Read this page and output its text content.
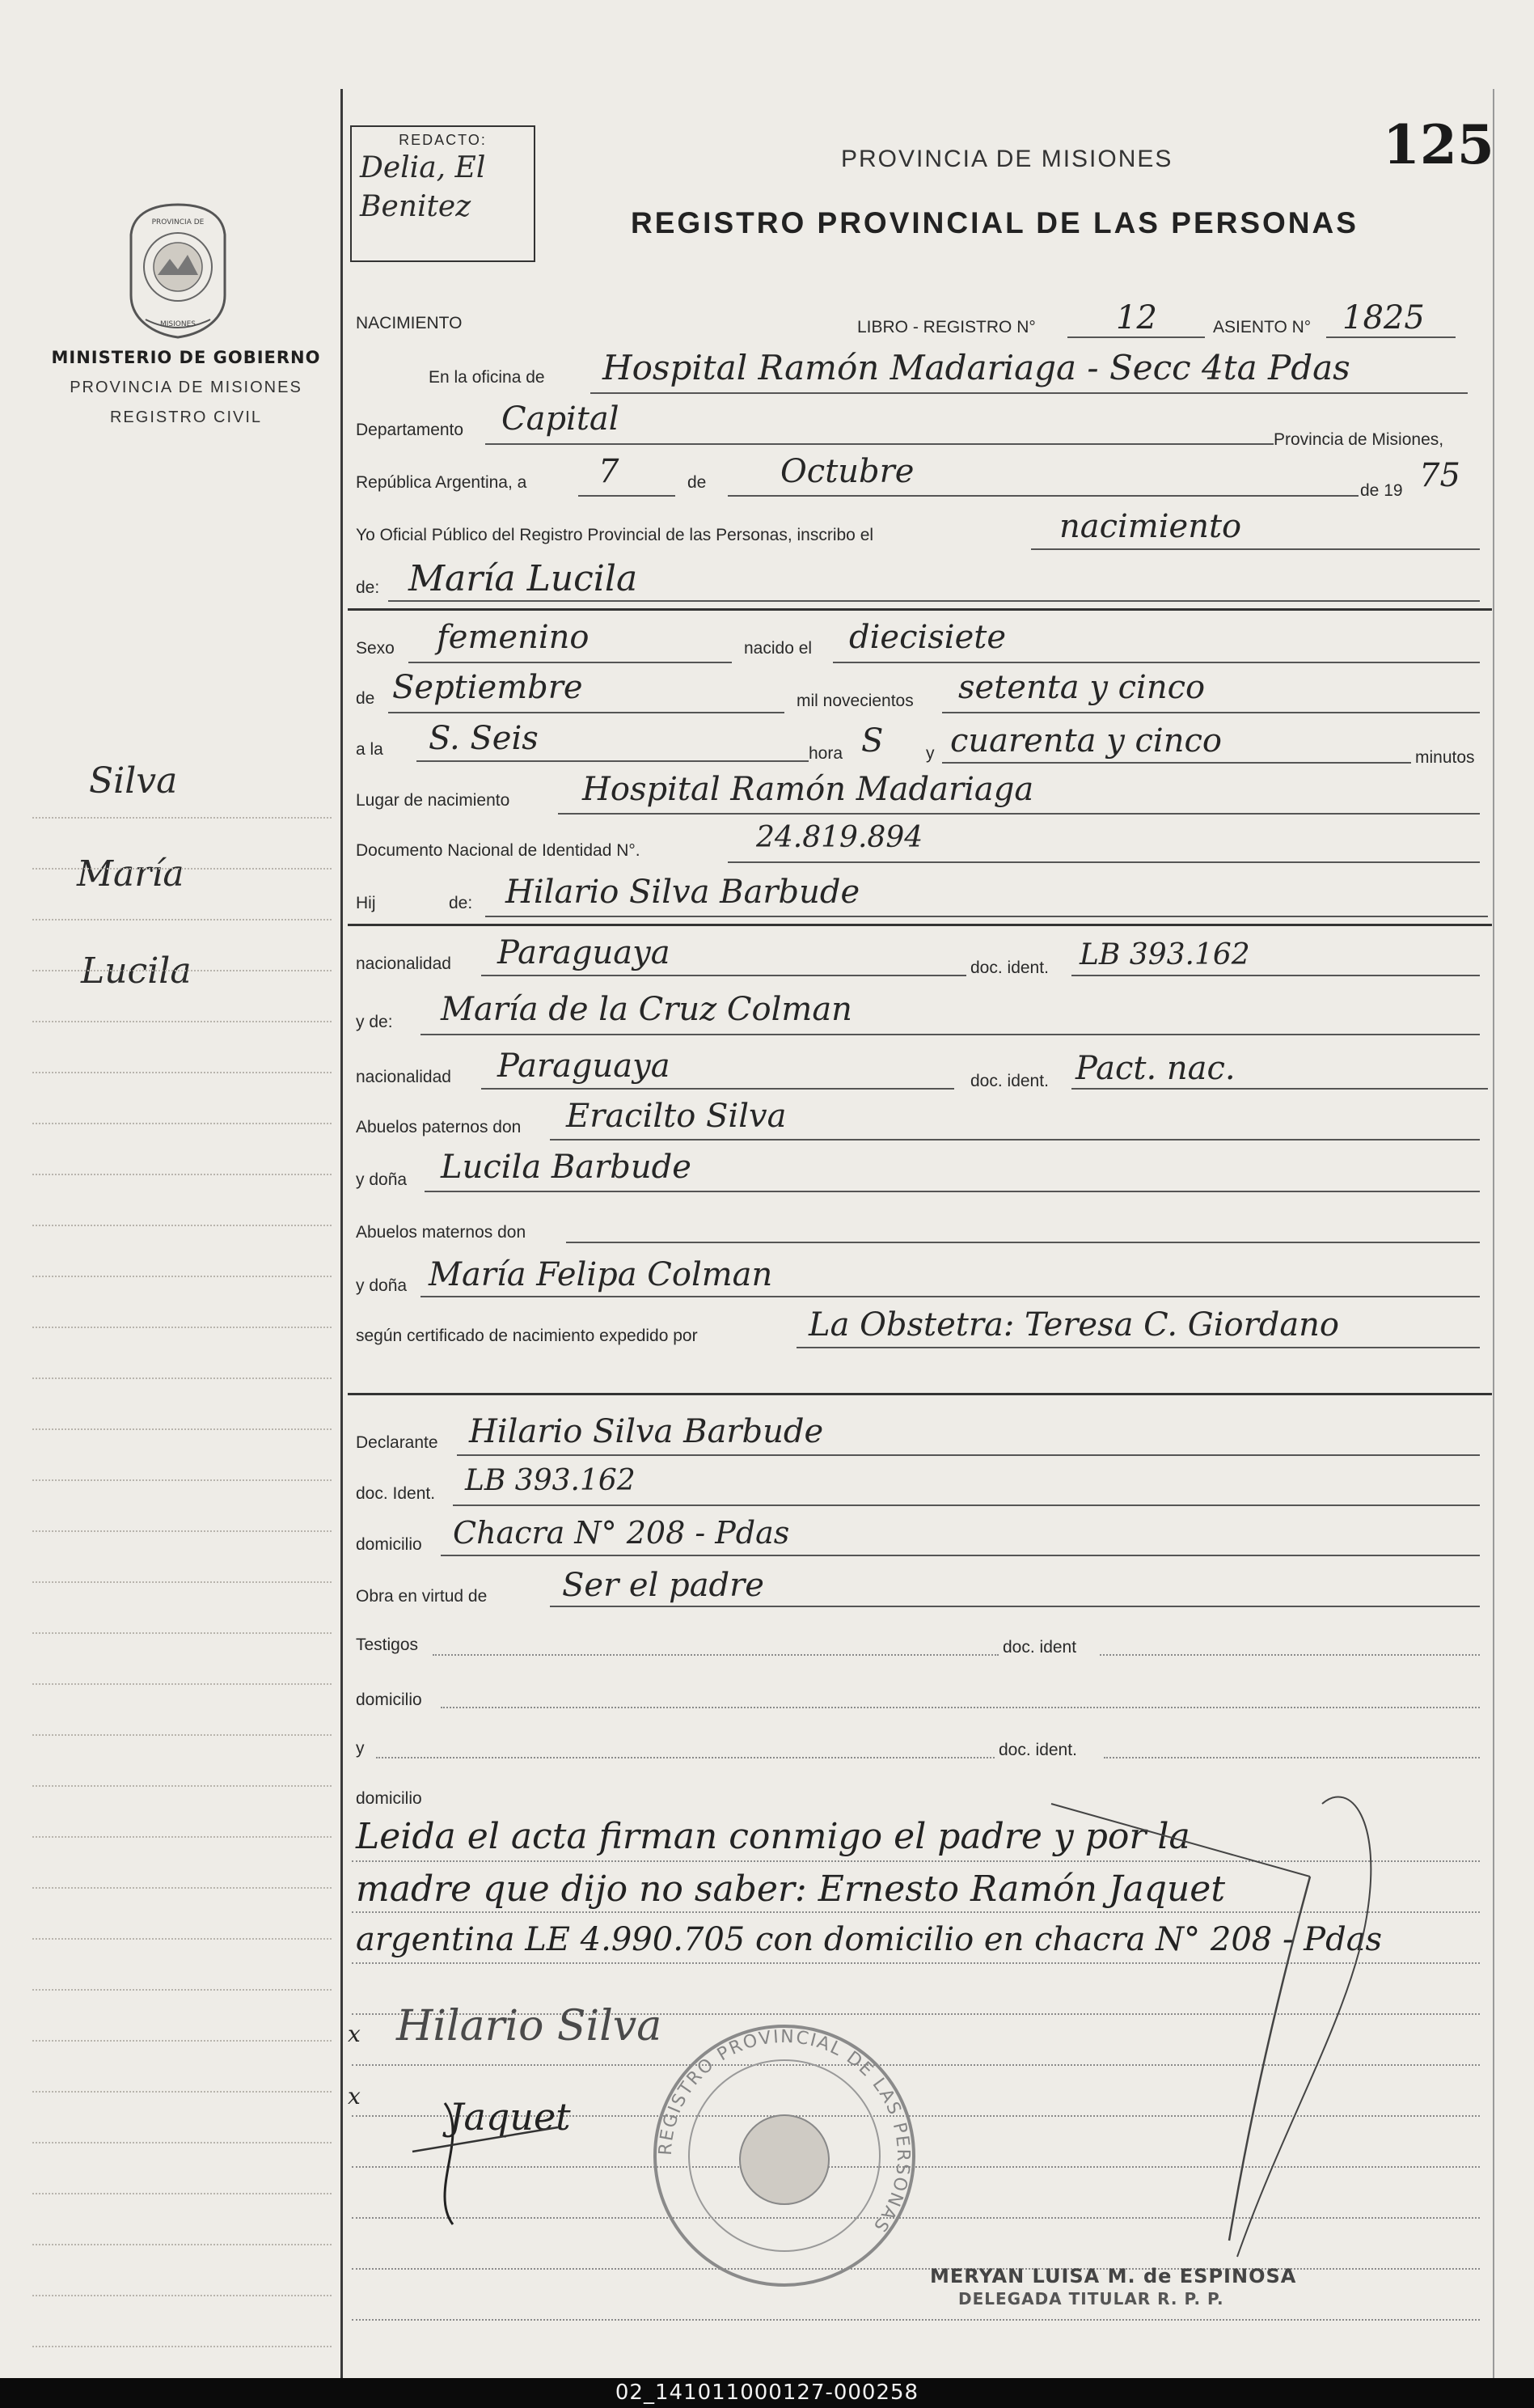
PROVINCIA DE
MISIONES
MINISTERIO DE GOBIERNO
PROVINCIA DE MISIONES
REGISTRO CIVIL
Silva
María
Lucila
REDACTO:
Delia, El
Benitez
125
PROVINCIA DE MISIONES
REGISTRO PROVINCIAL DE LAS PERSONAS
NACIMIENTO	LIBRO - REGISTRO N° 12	ASIENTO N° 1825
En la oficina de Hospital Ramón Madariaga - Secc 4ta Pdas
Departamento Capital
Provincia de Misiones,
República Argentina, a 7	de Octubre
de 19 75
Yo Oficial Público del Registro Provincial de las Personas, inscribo el	nacimiento
de: María Lucila
Sexo femenino	nacido el diecisiete
de Septiembre	mil novecientos setenta y cinco
a la S. Seis	hora S	y cuarenta y cinco	minutos
Lugar de nacimiento Hospital Ramón Madariaga
Documento Nacional de Identidad N°.	24.819.894
Hij	de: Hilario Silva Barbude
nacionalidad Paraguaya	doc. ident. LB 393.162
y de: María de la Cruz Colman
nacionalidad Paraguaya	doc. ident. Pact. nac.
Abuelos paternos don Eracilto Silva
y doña Lucila Barbude
Abuelos maternos don
y doña María Felipa Colman
según certificado de nacimiento expedido por	La Obstetra: Teresa C. Giordano
Declarante Hilario Silva Barbude
doc. Ident. LB 393.162
domicilio Chacra N° 208 - Pdas
Obra en virtud de Ser el padre
Testigos	doc. ident
domicilio
y	doc. ident.
domicilio
Leida el acta firman conmigo el padre y por la
madre que dijo no saber: Ernesto Ramón Jaquet
argentina LE 4.990.705 con domicilio en chacra N° 208 - Pdas
x Hilario Silva
x Jaquet
REGISTRO PROVINCIAL DE LAS PERSONAS
MERYAN LUISA M. de ESPINOSA
DELEGADA TITULAR R. P. P.
02_141011000127-000258
